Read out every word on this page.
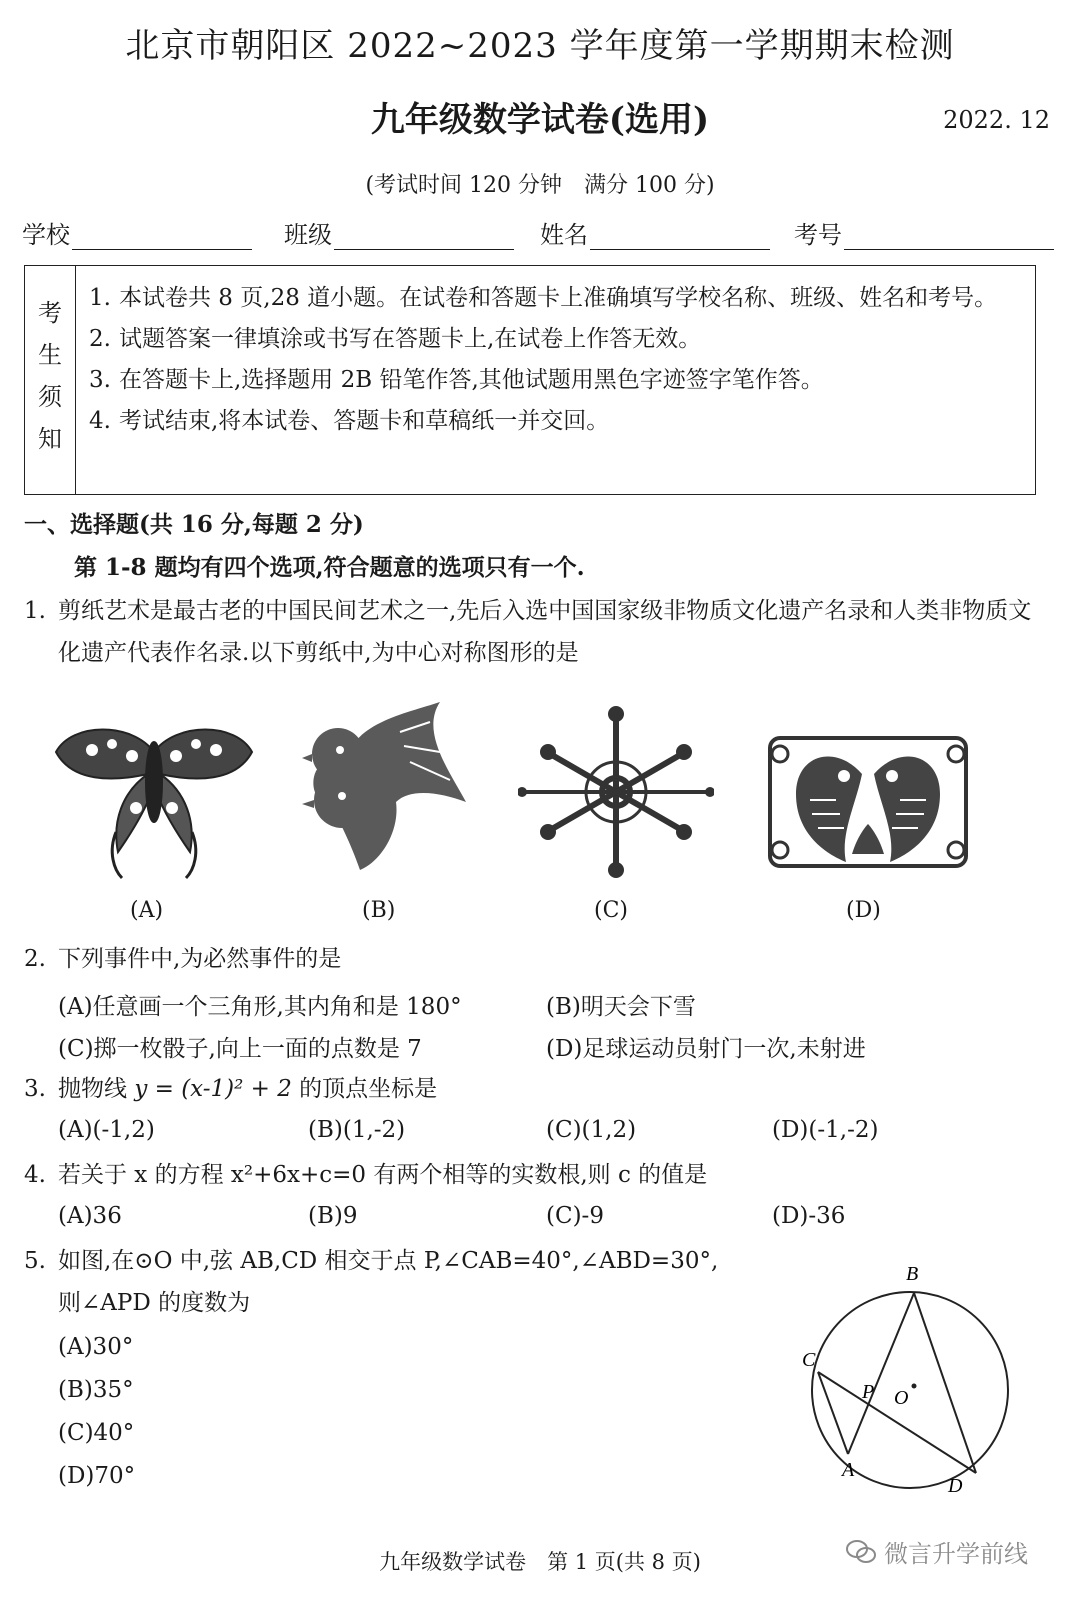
北京市朝阳区 2022~2023 学年度第一学期期末检测
九年级数学试卷(选用)	2022. 12
(考试时间 120 分钟　满分 100 分)
学校	班级	姓名	考号
考
生
须
知
1. 本试卷共 8 页,28 道小题。在试卷和答题卡上准确填写学校名称、班级、姓名和考号。
2. 试题答案一律填涂或书写在答题卡上,在试卷上作答无效。
3. 在答题卡上,选择题用 2B 铅笔作答,其他试题用黑色字迹签字笔作答。
4. 考试结束,将本试卷、答题卡和草稿纸一并交回。
一、选择题(共 16 分,每题 2 分)
第 1-8 题均有四个选项,符合题意的选项只有一个.
1. 剪纸艺术是最古老的中国民间艺术之一,先后入选中国国家级非物质文化遗产名录和人类非物质文化遗产代表作名录.以下剪纸中,为中心对称图形的是
(A)	(B)	(C)	(D)
2. 下列事件中,为必然事件的是
(A)任意画一个三角形,其内角和是 180°	(B)明天会下雪
(C)掷一枚骰子,向上一面的点数是 7	(D)足球运动员射门一次,未射进
3. 抛物线 y = (x-1)² + 2 的顶点坐标是
(A)(-1,2)	(B)(1,-2)	(C)(1,2)	(D)(-1,-2)
4. 若关于 x 的方程 x²+6x+c=0 有两个相等的实数根,则 c 的值是
(A)36	(B)9	(C)-9	(D)-36
5. 如图,在⊙O 中,弦 AB,CD 相交于点 P,∠CAB=40°,∠ABD=30°,
则∠APD 的度数为
(A)30°
(B)35°
(C)40°
(D)70°
B
C
P O
A
D
九年级数学试卷　第 1 页(共 8 页)	微言升学前线
